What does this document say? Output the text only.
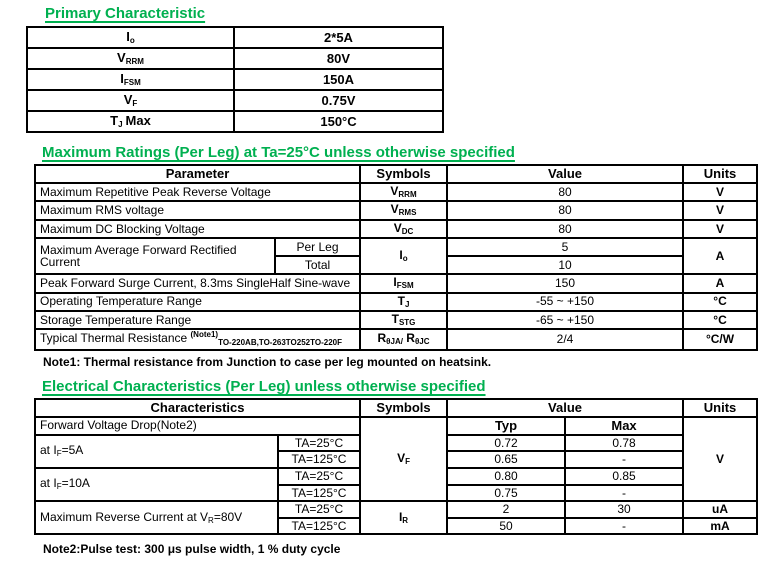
Primary Characteristic
Io	2*5A
VRRM	80V
IFSM	150A
VF	0.75V
TJ Max	150°C
Maximum Ratings (Per Leg) at Ta=25°C unless otherwise specified
Parameter		Symbols	Value	Units
Maximum Repetitive Peak Reverse Voltage		VRRM	80	V
Maximum RMS voltage		VRMS	80	V
Maximum DC Blocking Voltage		VDC	80	V
Maximum Average Forward Rectified Current	Per Leg	Io	5	A
	Total		10	
Peak Forward Surge Current, 8.3ms SingleHalf Sine-wave		IFSM	150	A
Operating Temperature Range		TJ	-55 ~ +150	°C
Storage Temperature Range		TSTG	-65 ~ +150	°C
Typical Thermal Resistance $^{(Note1)}_{TO-220AB,TO-263TO252TO-220F}$		RθJA/ RθJC	2/4	°C/W
Note1: Thermal resistance from Junction to case per leg mounted on heatsink.
Electrical Characteristics (Per Leg) unless otherwise specified
Characteristics		Symbols	Value		Units
Forward Voltage Drop(Note2)		VF	Typ	Max	V
at IF=5A	TA=25°C		0.72	0.78	
	TA=125°C		0.65	-	
at IF=10A	TA=25°C		0.80	0.85	
	TA=125°C		0.75	-	
Maximum Reverse Current at VR=80V	TA=25°C	IR	2	30	uA
	TA=125°C		50	-	mA
Note2:Pulse test: 300 μs pulse width, 1 % duty cycle
